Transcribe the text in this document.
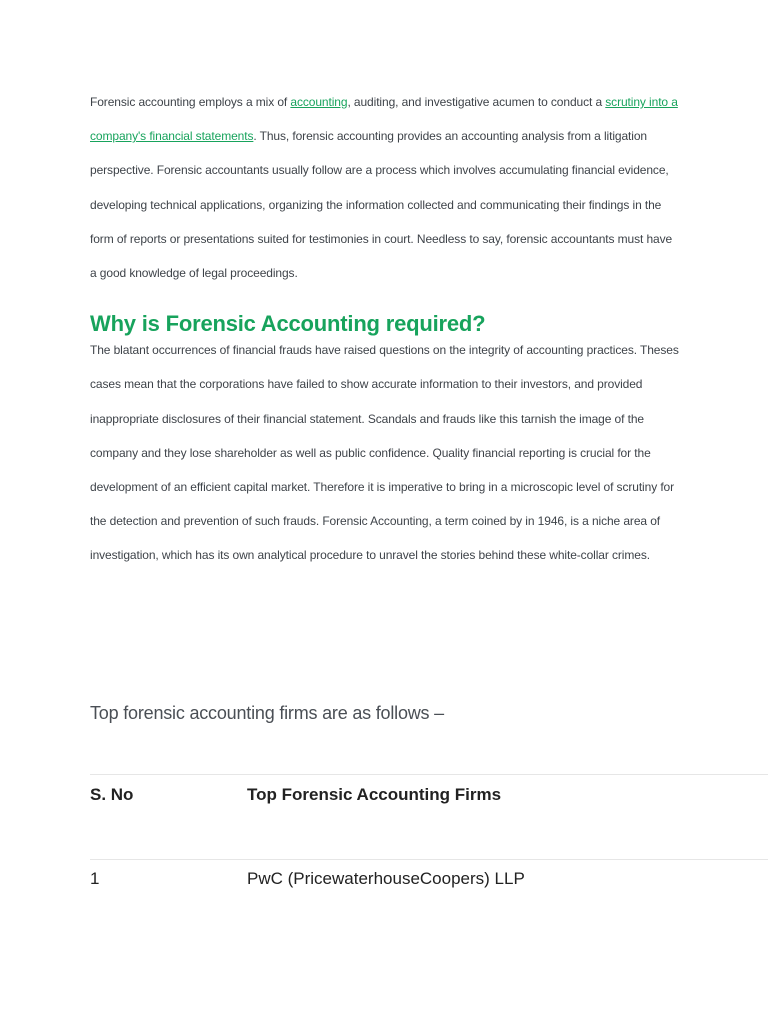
Forensic accounting employs a mix of accounting, auditing, and investigative acumen to conduct a scrutiny into a company's financial statements. Thus, forensic accounting provides an accounting analysis from a litigation perspective. Forensic accountants usually follow are a process which involves accumulating financial evidence, developing technical applications, organizing the information collected and communicating their findings in the form of reports or presentations suited for testimonies in court. Needless to say, forensic accountants must have a good knowledge of legal proceedings.

Why is Forensic Accounting required?

The blatant occurrences of financial frauds have raised questions on the integrity of accounting practices. Theses cases mean that the corporations have failed to show accurate information to their investors, and provided inappropriate disclosures of their financial statement. Scandals and frauds like this tarnish the image of the company and they lose shareholder as well as public confidence. Quality financial reporting is crucial for the development of an efficient capital market. Therefore it is imperative to bring in a microscopic level of scrutiny for the detection and prevention of such frauds. Forensic Accounting, a term coined by in 1946, is a niche area of investigation, which has its own analytical procedure to unravel the stories behind these white-collar crimes.

Top forensic accounting firms are as follows –

S. No	Top Forensic Accounting Firms
1	PwC (PricewaterhouseCoopers) LLP
